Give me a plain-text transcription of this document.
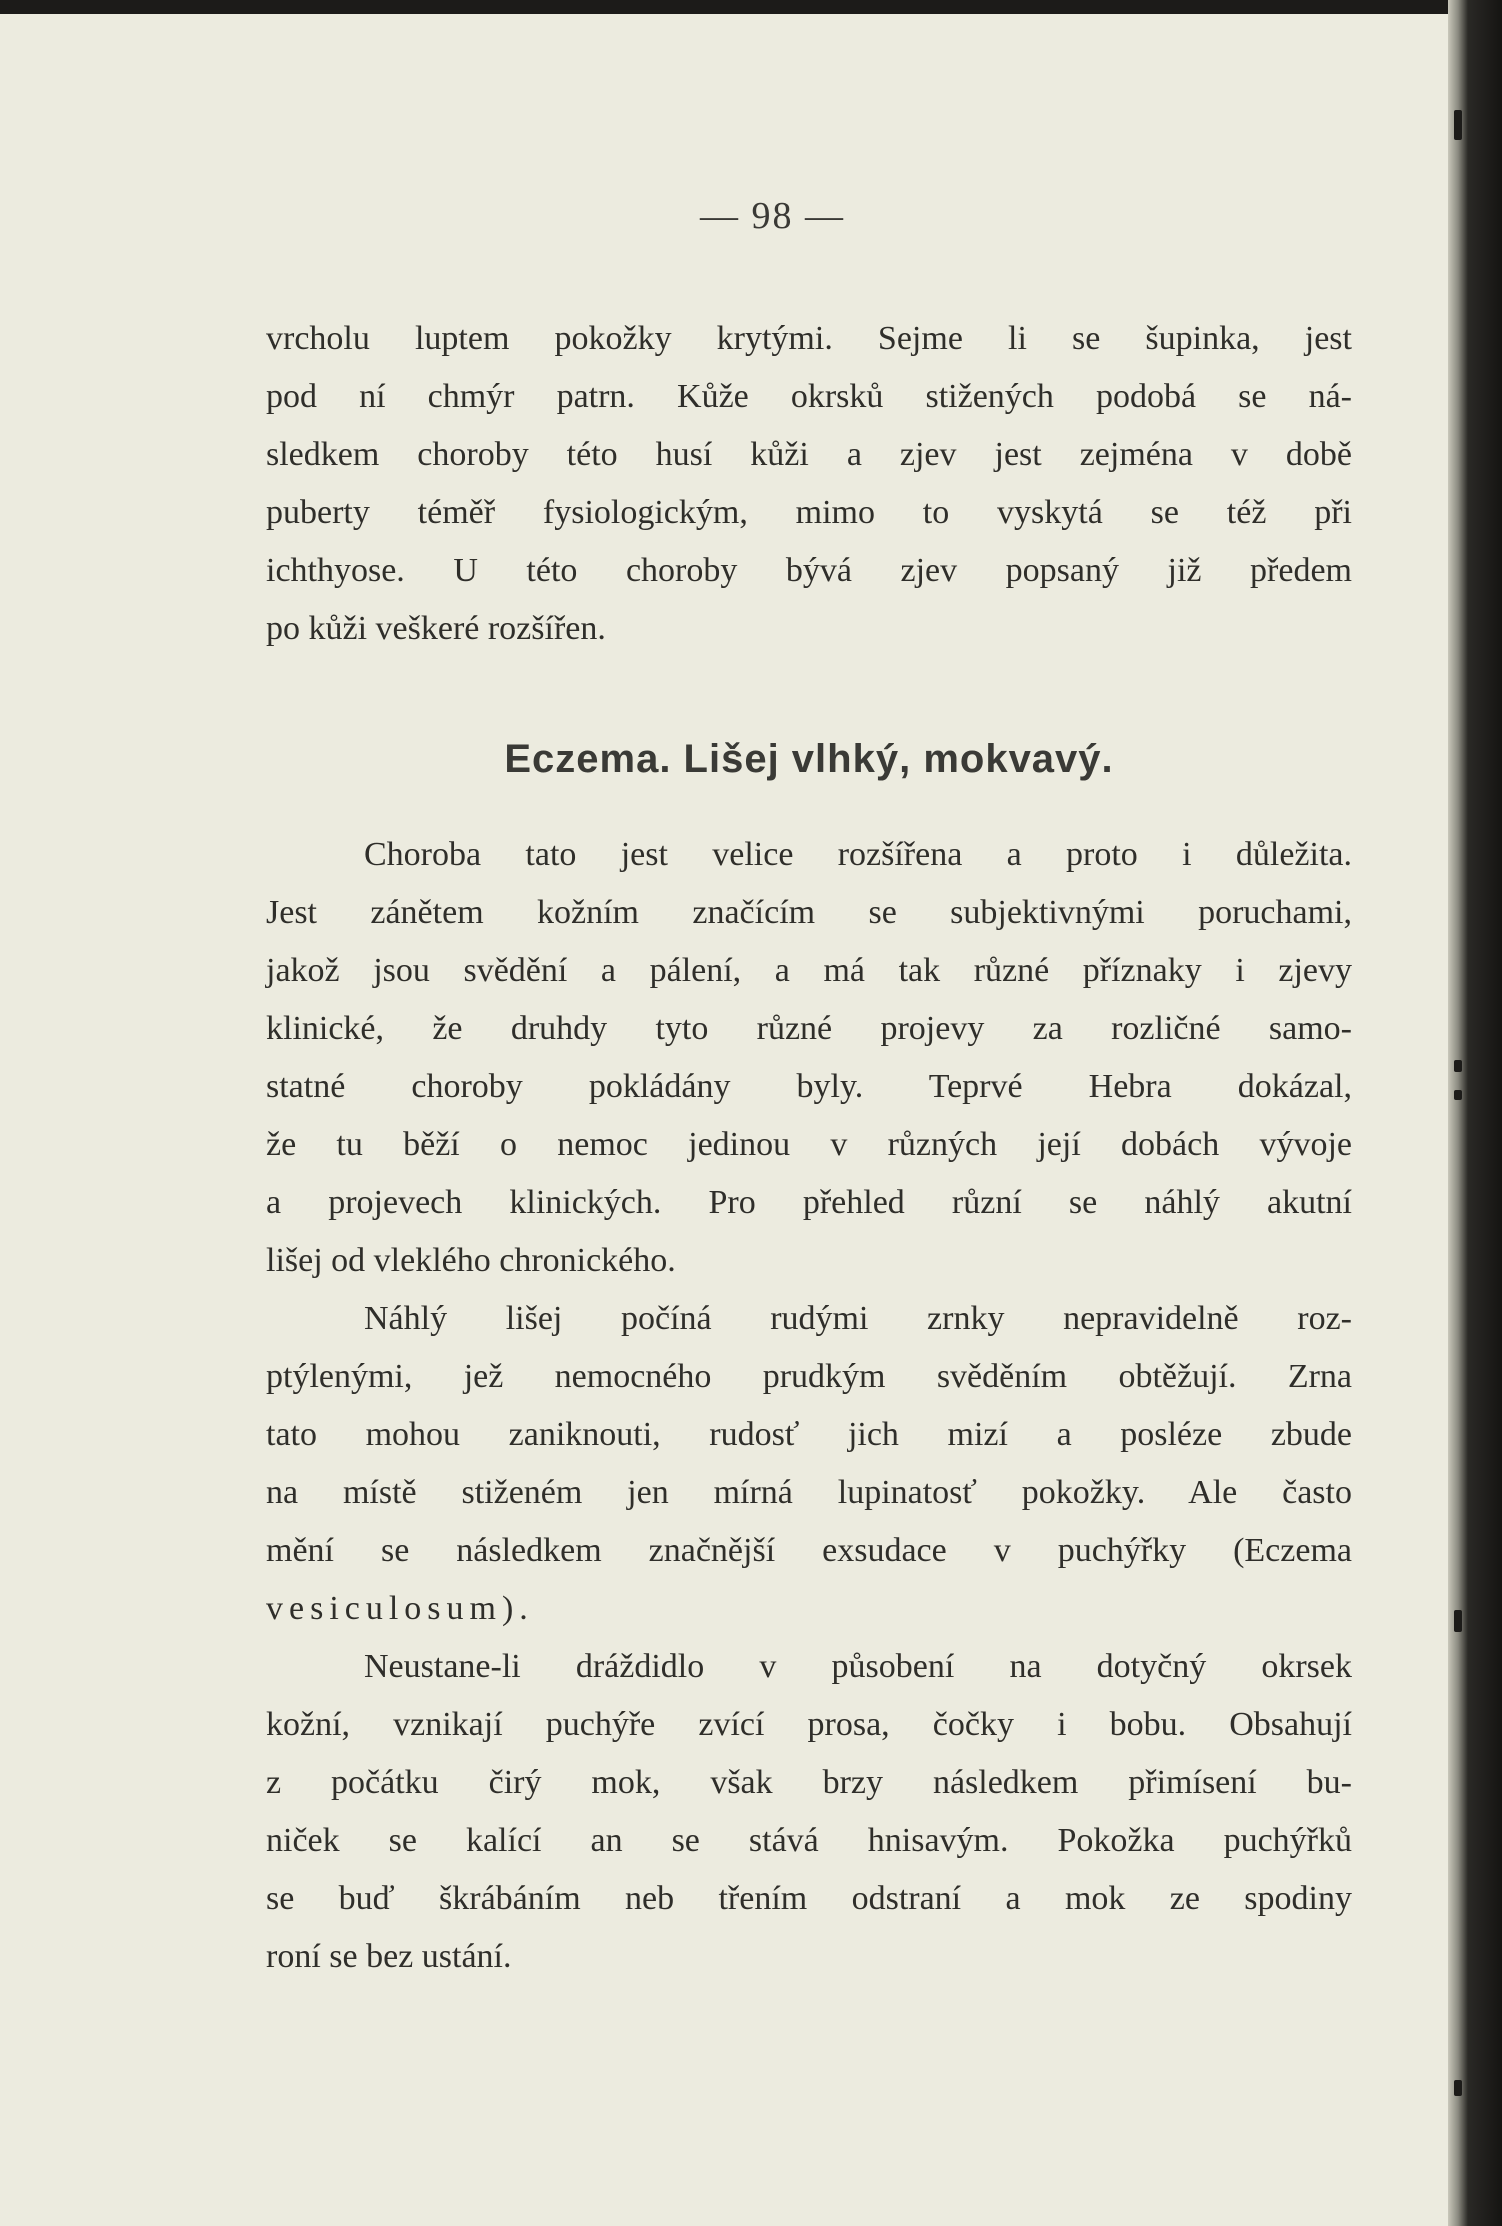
— 98 —
vrcholu luptem pokožky krytými. Sejme li se šupinka, jest
pod ní chmýr patrn. Kůže okrsků stižených podobá se ná-
sledkem choroby této husí kůži a zjev jest zejména v době
puberty téměř fysiologickým, mimo to vyskytá se též při
ichthyose. U této choroby bývá zjev popsaný již předem
po kůži veškeré rozšířen.
Eczema. Lišej vlhký, mokvavý.
Choroba tato jest velice rozšířena a proto i důležita.
Jest zánětem kožním značícím se subjektivnými poruchami,
jakož jsou svědění a pálení, a má tak různé příznaky i zjevy
klinické, že druhdy tyto různé projevy za rozličné samo-
statné choroby pokládány byly. Teprvé Hebra dokázal,
že tu běží o nemoc jedinou v různých její dobách vývoje
a projevech klinických. Pro přehled různí se náhlý akutní
lišej od vleklého chronického.
Náhlý lišej počíná rudými zrnky nepravidelně roz-
ptýlenými, jež nemocného prudkým svěděním obtěžují. Zrna
tato mohou zaniknouti, rudosť jich mizí a posléze zbude
na místě stiženém jen mírná lupinatosť pokožky. Ale často
mění se následkem značnější exsudace v puchýřky (Eczema
vesiculosum).
Neustane-li dráždidlo v působení na dotyčný okrsek
kožní, vznikají puchýře zvící prosa, čočky i bobu. Obsahují
z počátku čirý mok, však brzy následkem přimísení bu-
niček se kalící an se stává hnisavým. Pokožka puchýřků
se buď škrábáním neb třením odstraní a mok ze spodiny
roní se bez ustání.
